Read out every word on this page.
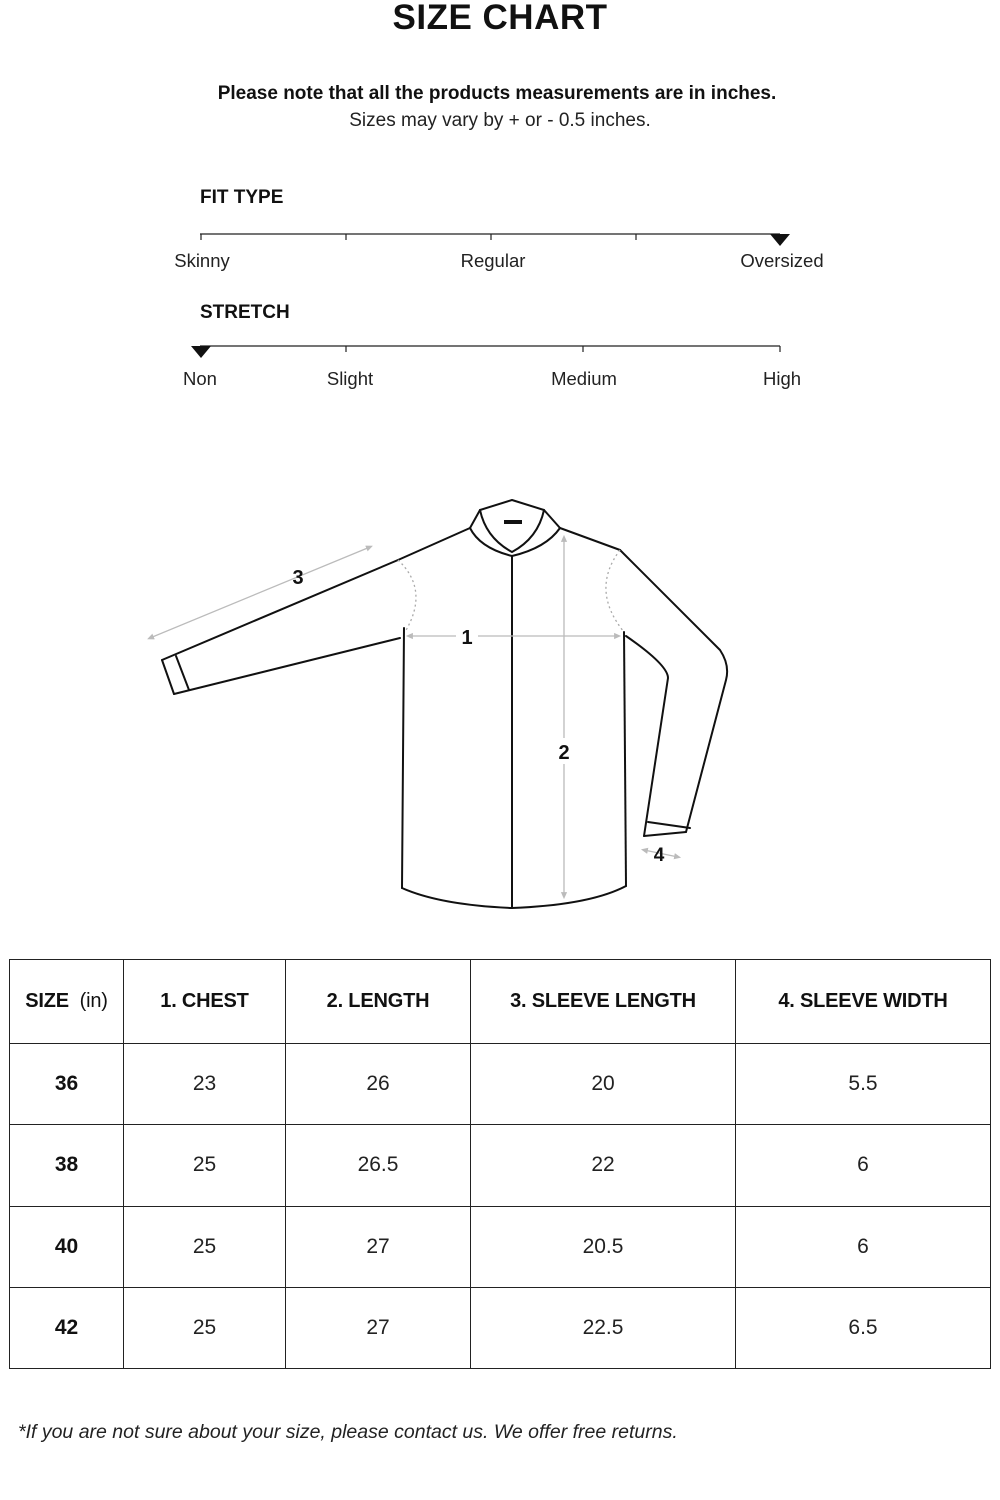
SIZE CHART
Please note that all the products measurements are in inches.
Sizes may vary by + or - 0.5 inches.
FIT TYPE
Skinny	Regular	Oversized
STRETCH
Non	Slight	Medium	High
1
2
3
4
SIZE (in)	1. CHEST	2. LENGTH	3. SLEEVE LENGTH	4. SLEEVE WIDTH
36	23	26	20	5.5
38	25	26.5	22	6
40	25	27	20.5	6
42	25	27	22.5	6.5
*If you are not sure about your size, please contact us. We offer free returns.
